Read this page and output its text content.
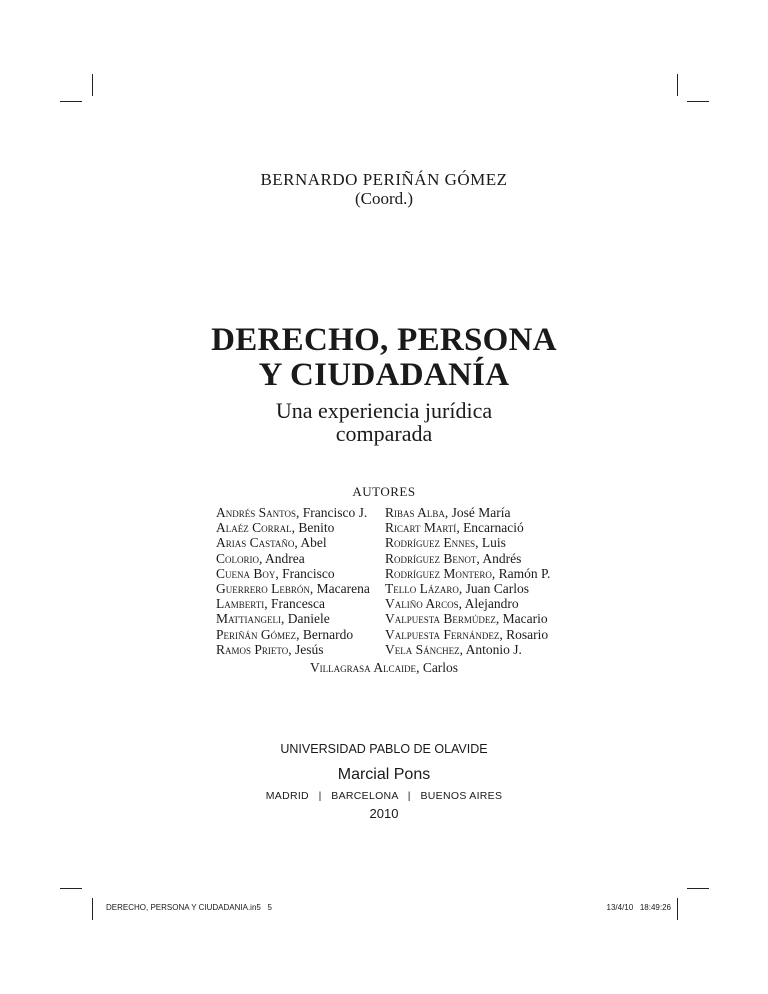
BERNARDO PERIÑÁN GÓMEZ
(Coord.)
DERECHO, PERSONA
Y CIUDADANÍA
Una experiencia jurídica
comparada
AUTORES
Andrés Santos, Francisco J.
Alaéz Corral, Benito
Arias Castaño, Abel
Colorio, Andrea
Cuena Boy, Francisco
Guerrero Lebrón, Macarena
Lamberti, Francesca
Mattiangeli, Daniele
Periñán Gómez, Bernardo
Ramos Prieto, Jesús
Ribas Alba, José María
Ricart Martí, Encarnació
Rodríguez Ennes, Luis
Rodríguez Benot, Andrés
Rodríguez Montero, Ramón P.
Tello Lázaro, Juan Carlos
Valiño Arcos, Alejandro
Valpuesta Bermúdez, Macario
Valpuesta Fernández, Rosario
Vela Sánchez, Antonio J.
Villagrasa Alcaide, Carlos
UNIVERSIDAD PABLO DE OLAVIDE
Marcial Pons
MADRID   |   BARCELONA   |   BUENOS AIRES
2010
DERECHO, PERSONA Y CIUDADANIA.in5   5	13/4/10   18:49:26
